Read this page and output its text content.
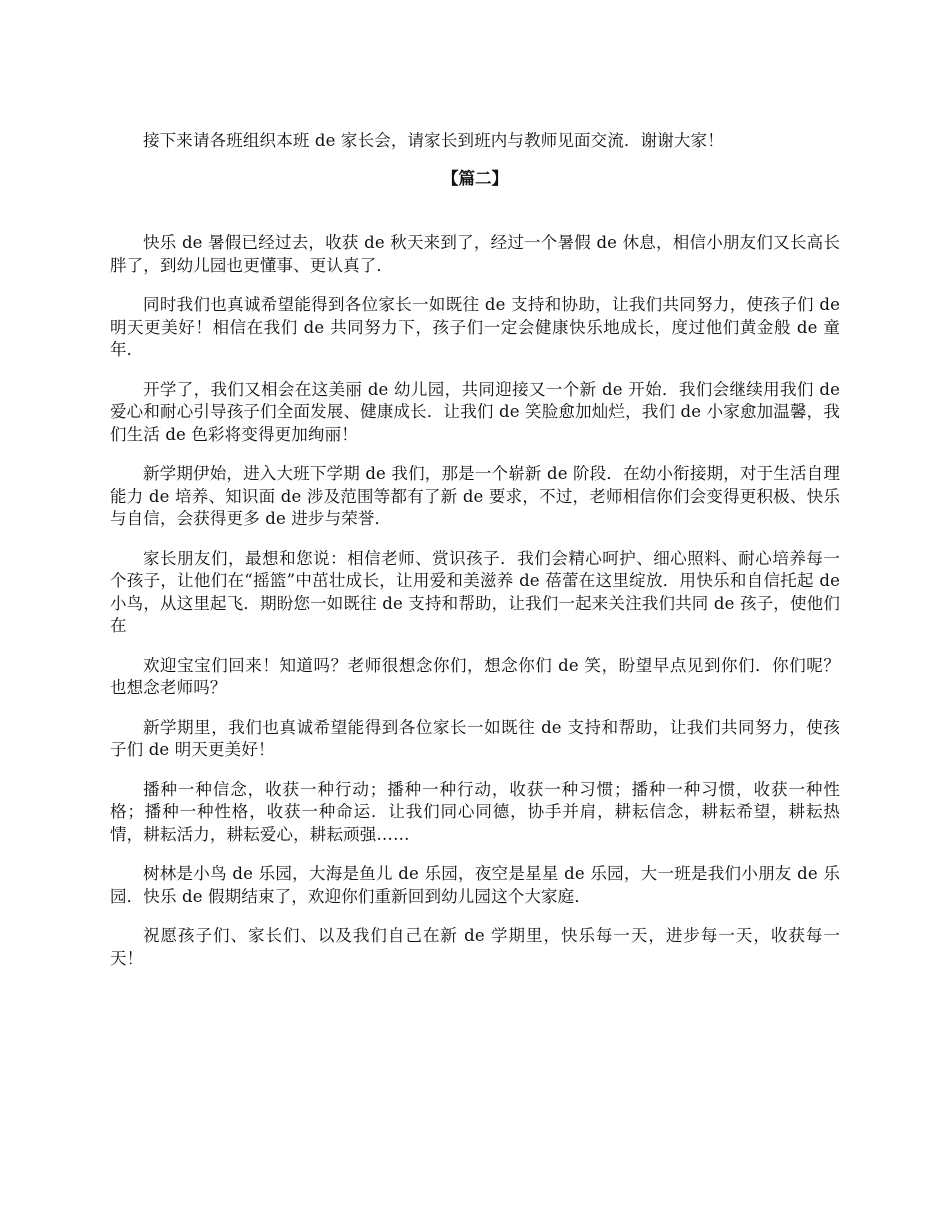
接下来请各班组织本班 de 家长会，请家长到班内与教师见面交流．谢谢大家！

【篇二】

快乐 de 暑假已经过去，收获 de 秋天来到了，经过一个暑假 de 休息，相信小朋友们又长高长胖了，到幼儿园也更懂事、更认真了．

同时我们也真诚希望能得到各位家长一如既往 de 支持和协助，让我们共同努力，使孩子们 de 明天更美好！相信在我们 de 共同努力下，孩子们一定会健康快乐地成长，度过他们黄金般 de 童年．

开学了，我们又相会在这美丽 de 幼儿园，共同迎接又一个新 de 开始．我们会继续用我们 de 爱心和耐心引导孩子们全面发展、健康成长．让我们 de 笑脸愈加灿烂，我们 de 小家愈加温馨，我们生活 de 色彩将变得更加绚丽！

新学期伊始，进入大班下学期 de 我们，那是一个崭新 de 阶段．在幼小衔接期，对于生活自理能力 de 培养、知识面 de 涉及范围等都有了新 de 要求，不过，老师相信你们会变得更积极、快乐与自信，会获得更多 de 进步与荣誉．

家长朋友们，最想和您说：相信老师、赏识孩子．我们会精心呵护、细心照料、耐心培养每一个孩子，让他们在“摇篮”中茁壮成长，让用爱和美滋养 de 蓓蕾在这里绽放．用快乐和自信托起 de 小鸟，从这里起飞．期盼您一如既往 de 支持和帮助，让我们一起来关注我们共同 de 孩子，使他们在

欢迎宝宝们回来！知道吗？老师很想念你们，想念你们 de 笑，盼望早点见到你们．你们呢？也想念老师吗？

新学期里，我们也真诚希望能得到各位家长一如既往 de 支持和帮助，让我们共同努力，使孩子们 de 明天更美好！

播种一种信念，收获一种行动；播种一种行动，收获一种习惯；播种一种习惯，收获一种性格；播种一种性格，收获一种命运．让我们同心同德，协手并肩，耕耘信念，耕耘希望，耕耘热情，耕耘活力，耕耘爱心，耕耘顽强……

树林是小鸟 de 乐园，大海是鱼儿 de 乐园，夜空是星星 de 乐园，大一班是我们小朋友 de 乐园．快乐 de 假期结束了，欢迎你们重新回到幼儿园这个大家庭．

祝愿孩子们、家长们、以及我们自己在新 de 学期里，快乐每一天，进步每一天，收获每一天！
